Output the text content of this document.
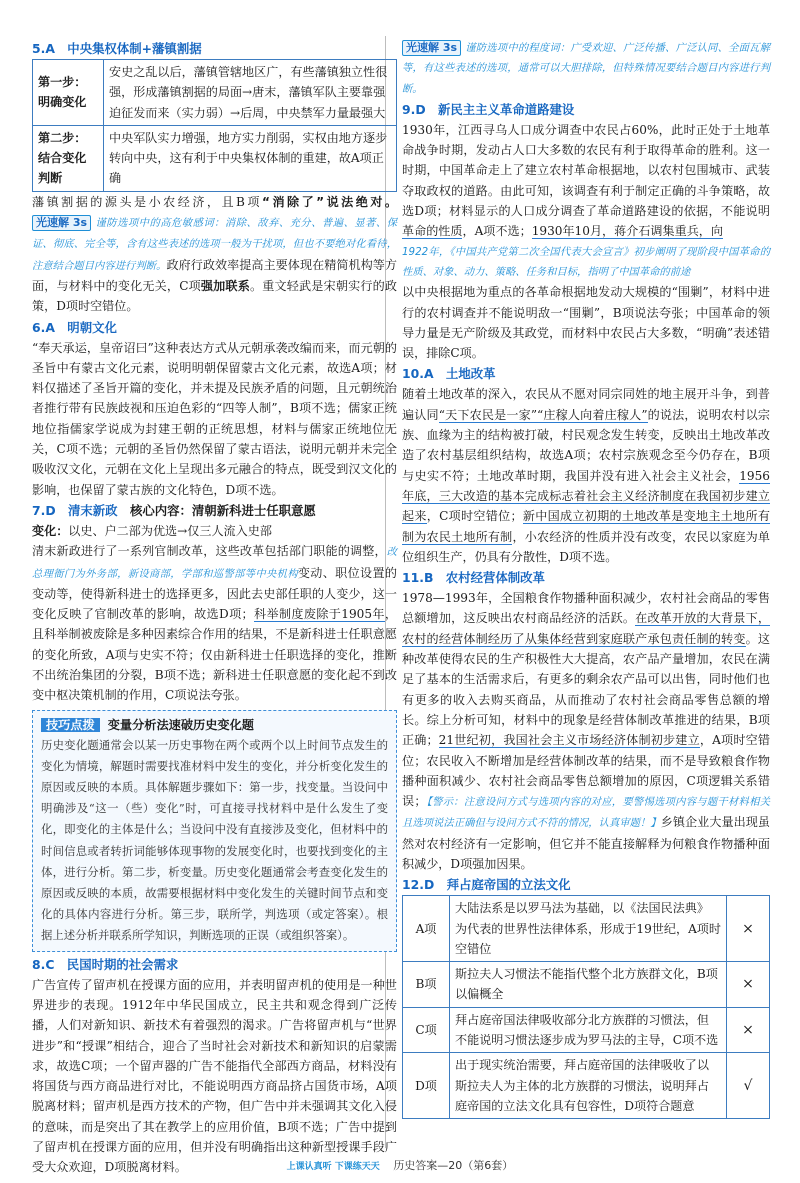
5.A　中央集权体制+藩镇割据
第一步：明确变化	安史之乱以后，藩镇管辖地区广，有些藩镇独立性很强，形成藩镇割据的局面→唐末，藩镇军队主要靠强迫征发而来（实力弱）→后周，中央禁军力量最强大
第二步：结合变化判断	中央军队实力增强，地方实力削弱，实权由地方逐步转向中央，这有利于中央集权体制的重建，故A项正确

藩镇割据的源头是小农经济，且B项“消除了”说法绝对。 光速解 3s 谨防选项中的高危敏感词：消除、敌弃、充分、普遍、显著、保证、彻底、完全等，含有这些表述的选项一般为干扰项，但也不要绝对化看待，注意结合题目内容进行判断。政府行政效率提高主要体现在精简机构等方面，与材料中的变化无关，C项强加联系。重文轻武是宋朝实行的政策，D项时空错位。

6.A　明朝文化

“奉天承运，皇帝诏曰”这种表达方式从元朝承袭改编而来，而元朝的圣旨中有蒙古文化元素，说明明朝保留蒙古文化元素，故选A项；材料仅描述了圣旨开篇的变化，并未提及民族矛盾的问题，且元朝统治者推行带有民族歧视和压迫色彩的“四等人制”，B项不选；儒家正统地位指儒家学说成为封建王朝的正统思想，材料与儒家正统地位无关，C项不选；元朝的圣旨仍然保留了蒙古语法，说明元朝并未完全吸收汉文化，元朝在文化上呈现出多元融合的特点，既受到汉文化的影响，也保留了蒙古族的文化特色，D项不选。

7.D　清末新政　 核心内容：清朝新科进士任职意愿

变化：以史、户二部为优选→仅三人流入史部

清末新政进行了一系列官制改革，这些改革包括部门职能的调整，改总理衙门为外务部，新设商部，学部和巡警部等中央机构变动、职位设置的变动等，使得新科进士的选择更多，因此去史部任职的人变少，这一变化反映了官制改革的影响，故选D项；科举制度废除于1905年，且科举制被废除是多种因素综合作用的结果，不是新科进士任职意愿的变化所致，A项与史实不符；仅由新科进士任职选择的变化，推断不出统治集团的分裂，B项不选；新科进士任职意愿的变化起不到改变中枢决策机制的作用，C项说法夸张。

技巧点拨 变量分析法速破历史变化题

历史变化题通常会以某一历史事物在两个或两个以上时间节点发生的变化为情境，解题时需要找准材料中发生的变化，并分析变化发生的原因或反映的本质。具体解题步骤如下：第一步，找变量。当设问中明确涉及“这一（些）变化”时，可直接寻找材料中是什么发生了变化，即变化的主体是什么；当设问中没有直接涉及变化，但材料中的时间信息或者转折词能够体现事物的发展变化时，也要找到变化的主体，进行分析。第二步，析变量。历史变化题通常会考查变化发生的原因或反映的本质，故需要根据材料中变化发生的关键时间节点和变化的具体内容进行分析。第三步，联所学，判选项（或定答案）。根据上述分析并联系所学知识，判断选项的正误（或组织答案）。

8.C　民国时期的社会需求

广告宣传了留声机在授课方面的应用，并表明留声机的使用是一种世界进步的表现。1912年中华民国成立，民主共和观念得到广泛传播，人们对新知识、新技术有着强烈的渴求。广告将留声机与“世界进步”和“授课”相结合，迎合了当时社会对新技术和新知识的启蒙需求，故选C项；一个留声器的广告不能指代全部西方商品，材料没有将国货与西方商品进行对比，不能说明西方商品挤占国货市场，A项脱离材料；留声机是西方技术的产物，但广告中并未强调其文化入侵的意味，而是突出了其在教学上的应用价值，B项不选；广告中提到了留声机在授课方面的应用，但并没有明确指出这种新型授课手段广受大众欢迎，D项脱离材料。

光速解 3s 谨防选项中的程度词：广受欢迎、广泛传播、广泛认同、全面瓦解等，有这些表述的选项，通常可以大胆排除，但特殊情况要结合题目内容进行判断。

9.D　新民主主义革命道路建设

1930年，江西寻乌人口成分调查中农民占60%，此时正处于土地革命战争时期，发动占人口大多数的农民有利于取得革命的胜利。这一时期，中国革命走上了建立农村革命根据地，以农村包围城市、武装夺取政权的道路。由此可知，该调查有利于制定正确的斗争策略，故选D项；材料显示的人口成分调查了革命道路建设的依据，不能说明革命的性质，A项不选；1930年10月，蒋介石调集重兵，向

1922年，《中国共产党第二次全国代表大会宣言》初步阐明了现阶段中国革命的性质、对象、动力、策略、任务和目标，指明了中国革命的前途

以中央根据地为重点的各革命根据地发动大规模的“围剿”，材料中进行的农村调查并不能说明敌一“围剿”，B项说法夸张；中国革命的领导力量是无产阶级及其政党，而材料中农民占大多数，“明确”表述错误，排除C项。

10.A　土地改革

随着土地改革的深入，农民从不愿对同宗同姓的地主展开斗争，到普遍认同“天下农民是一家”“庄稼人向着庄稼人”的说法，说明农村以宗族、血缘为主的结构被打破，村民观念发生转变，反映出土地改革改造了农村基层组织结构，故选A项；农村宗族观念至今仍存在，B项与史实不符；土地改革时期，我国并没有进入社会主义社会，1956年底，三大改造的基本完成标志着社会主义经济制度在我国初步建立起来，C项时空错位；新中国成立初期的土地改革是变地主土地所有制为农民土地所有制，小农经济的性质并没有改变，农民以家庭为单位组织生产，仍具有分散性，D项不选。

11.B　农村经营体制改革

1978—1993年，全国粮食作物播种面积减少，农村社会商品的零售总额增加，这反映出农村商品经济的活跃。在改革开放的大背景下，农村的经营体制经历了从集体经营到家庭联产承包责任制的转变。这种改革使得农民的生产积极性大大提高，农产品产量增加，农民在满足了基本的生活需求后，有更多的剩余农产品可以出售，同时他们也有更多的收入去购买商品，从而推动了农村社会商品零售总额的增长。综上分析可知，材料中的现象是经营体制改革推进的结果，B项正确；21世纪初，我国社会主义市场经济体制初步建立，A项时空错位；农民收入不断增加是经营体制改革的结果，而不是导致粮食作物播种面积减少、农村社会商品零售总额增加的原因，C项逻辑关系错误；【警示：注意设问方式与选项内容的对应，要警惕选项内容与题干材料相关且选项说法正确但与设问方式不符的情况，认真审题！】乡镇企业大量出现虽然对农村经济有一定影响，但它并不能直接解释为何粮食作物播种面积减少，D项强加因果。

12.D　拜占庭帝国的立法文化
A项	大陆法系是以罗马法为基础，以《法国民法典》为代表的世界性法律体系，形成于19世纪，A项时空错位	×
B项	斯拉夫人习惯法不能指代整个北方族群文化，B项以偏概全	×
C项	拜占庭帝国法律吸收部分北方族群的习惯法，但不能说明习惯法逐步成为罗马法的主导，C项不选	×
D项	出于现实统治需要，拜占庭帝国的法律吸收了以斯拉夫人为主体的北方族群的习惯法，说明拜占庭帝国的立法文化具有包容性，D项符合题意	√
上课认真听 下课练天天 历史答案—20（第6套）
